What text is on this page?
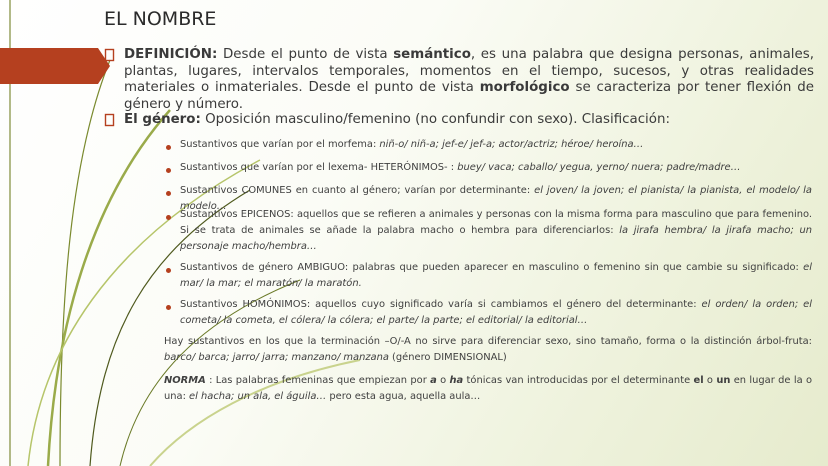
EL NOMBRE
DEFINICIÓN: Desde el punto de vista semántico, es una palabra que designa personas, animales, plantas, lugares, intervalos temporales, momentos en el tiempo, sucesos, y otras realidades materiales o inmateriales. Desde el punto de vista morfológico se caracteriza por tener flexión de género y número.
El género: Oposición masculino/femenino (no confundir con sexo). Clasificación:
Sustantivos que varían por el morfema: niñ-o/ niñ-a; jef-e/ jef-a; actor/actriz; héroe/ heroína…
Sustantivos que varían por el lexema- HETERÓNIMOS- : buey/ vaca; caballo/ yegua, yerno/ nuera; padre/madre…
Sustantivos COMUNES en cuanto al género; varían por determinante: el joven/ la joven; el pianista/ la pianista, el modelo/ la modelo…
Sustantivos EPICENOS: aquellos que se refieren a animales y personas con la misma forma para masculino que para femenino. Si se trata de animales se añade la palabra macho o hembra para diferenciarlos: la jirafa hembra/ la jirafa macho; un personaje macho/hembra…
Sustantivos de género AMBIGUO: palabras que pueden aparecer en masculino o femenino sin que cambie su significado: el mar/ la mar; el maratón/ la maratón.
Sustantivos HOMÓNIMOS: aquellos cuyo significado varía si cambiamos el género del determinante: el orden/ la orden; el cometa/ la cometa, el cólera/ la cólera; el parte/ la parte; el editorial/ la editorial…
Hay sustantivos en los que la terminación –O/-A no sirve para diferenciar sexo, sino tamaño, forma o la distinción árbol-fruta: barco/ barca; jarro/ jarra; manzano/ manzana (género DIMENSIONAL)
NORMA : Las palabras femeninas que empiezan por a o ha tónicas van introducidas por el determinante el o un en lugar de la o una: el hacha; un ala, el águila… pero esta agua, aquella aula…
